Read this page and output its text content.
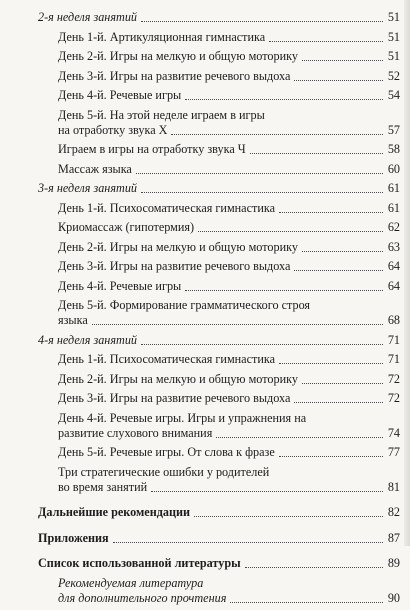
2-я неделя занятий	51
День 1-й. Артикуляционная гимнастика	51
День 2-й. Игры на мелкую и общую моторику	51
День 3-й. Игры на развитие речевого выдоха	52
День 4-й. Речевые игры	54
День 5-й. На этой неделе играем в игры
на отработку звука Х	57
Играем в игры на отработку звука Ч	58
Массаж языка	60
3-я неделя занятий	61
День 1-й. Психосоматическая гимнастика	61
Криомассаж (гипотермия)	62
День 2-й. Игры на мелкую и общую моторику	63
День 3-й. Игры на развитие речевого выдоха	64
День 4-й. Речевые игры	64
День 5-й. Формирование грамматического строя
языка	68
4-я неделя занятий	71
День 1-й. Психосоматическая гимнастика	71
День 2-й. Игры на мелкую и общую моторику	72
День 3-й. Игры на развитие речевого выдоха	72
День 4-й. Речевые игры. Игры и упражнения на
развитие слухового внимания	74
День 5-й. Речевые игры. От слова к фразе	77
Три стратегические ошибки у родителей
во время занятий	81
Дальнейшие рекомендации	82
Приложения	87
Список использованной литературы	89
Рекомендуемая литература
для дополнительного прочтения	90
